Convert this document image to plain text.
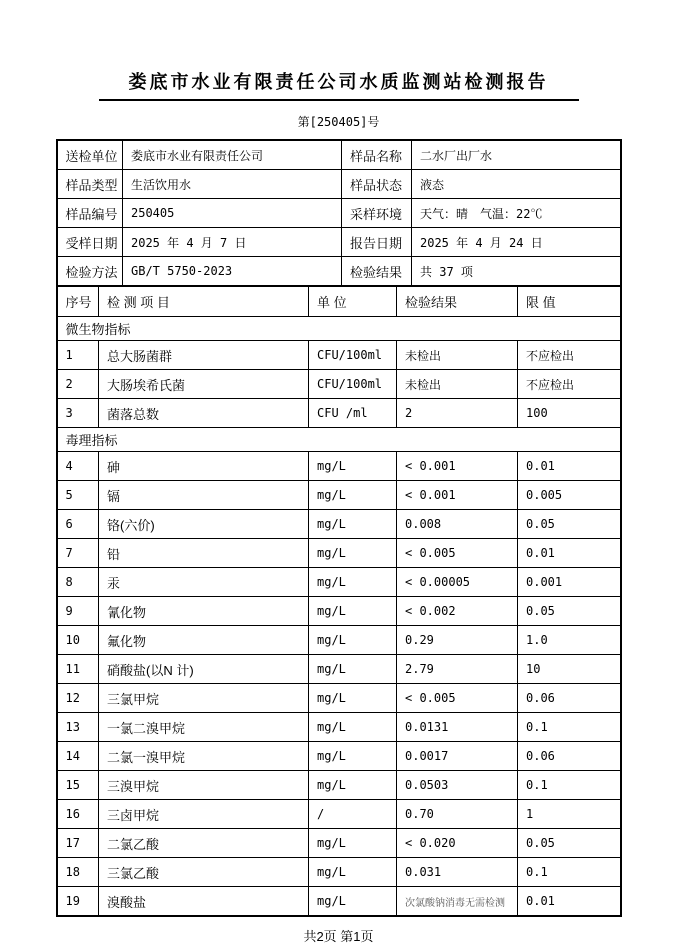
娄底市水业有限责任公司水质监测站检测报告
第[250405]号
送检单位	娄底市水业有限责任公司	样品名称	二水厂出厂水
样品类型	生活饮用水	样品状态	液态
样品编号	250405	采样环境	天气：晴　气温：22℃
受样日期	2025 年 4 月 7 日	报告日期	2025 年 4 月 24 日
检验方法	GB/T 5750-2023	检验结果	共 37 项
序号	检 测 项 目	单 位	检验结果	限 值
微生物指标				
1	总大肠菌群	CFU/100ml	未检出	不应检出
2	大肠埃希氏菌	CFU/100ml	未检出	不应检出
3	菌落总数	CFU /ml	2	100
毒理指标				
4	砷	mg/L	< 0.001	0.01
5	镉	mg/L	< 0.001	0.005
6	铬(六价)	mg/L	0.008	0.05
7	铅	mg/L	< 0.005	0.01
8	汞	mg/L	< 0.00005	0.001
9	氰化物	mg/L	< 0.002	0.05
10	氟化物	mg/L	0.29	1.0
11	硝酸盐(以N 计)	mg/L	2.79	10
12	三氯甲烷	mg/L	< 0.005	0.06
13	一氯二溴甲烷	mg/L	0.0131	0.1
14	二氯一溴甲烷	mg/L	0.0017	0.06
15	三溴甲烷	mg/L	0.0503	0.1
16	三卤甲烷	/	0.70	1
17	二氯乙酸	mg/L	< 0.020	0.05
18	三氯乙酸	mg/L	0.031	0.1
19	溴酸盐	mg/L	次氯酸钠消毒无需检测	0.01
共2页 第1页
